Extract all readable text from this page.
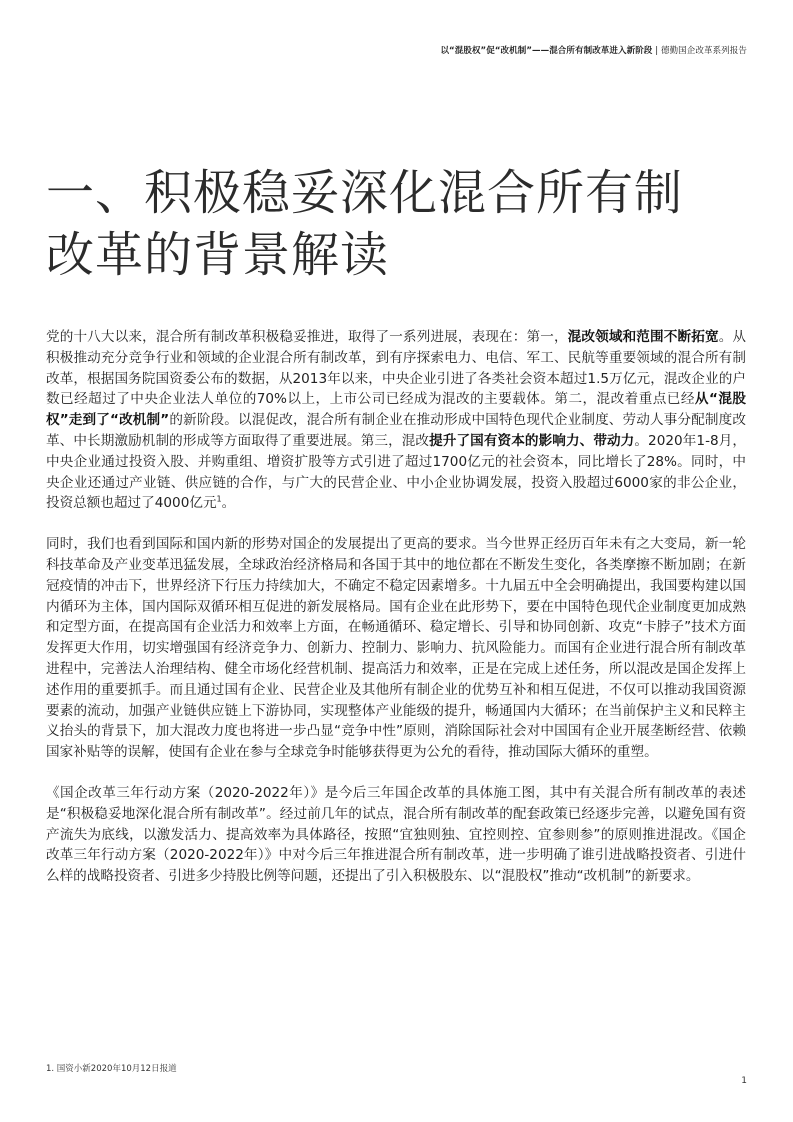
以“混股权”促“改机制”——混合所有制改革进入新阶段 | 德勤国企改革系列报告
一、积极稳妥深化混合所有制
改革的背景解读

党的十八大以来，混合所有制改革积极稳妥推进，取得了一系列进展，表现在：第一，混改领域和范围不断拓宽。从积极推动充分竞争行业和领域的企业混合所有制改革，到有序探索电力、电信、军工、民航等重要领域的混合所有制改革，根据国务院国资委公布的数据，从2013年以来，中央企业引进了各类社会资本超过1.5万亿元，混改企业的户数已经超过了中央企业法人单位的70%以上，上市公司已经成为混改的主要载体。第二，混改着重点已经从“混股权”走到了“改机制”的新阶段。以混促改，混合所有制企业在推动形成中国特色现代企业制度、劳动人事分配制度改革、中长期激励机制的形成等方面取得了重要进展。第三，混改提升了国有资本的影响力、带动力。2020年1-8月，中央企业通过投资入股、并购重组、增资扩股等方式引进了超过1700亿元的社会资本，同比增长了28%。同时，中央企业还通过产业链、供应链的合作，与广大的民营企业、中小企业协调发展，投资入股超过6000家的非公企业，投资总额也超过了4000亿元$^1$。

同时，我们也看到国际和国内新的形势对国企的发展提出了更高的要求。当今世界正经历百年未有之大变局，新一轮科技革命及产业变革迅猛发展，全球政治经济格局和各国于其中的地位都在不断发生变化，各类摩擦不断加剧；在新冠疫情的冲击下，世界经济下行压力持续加大，不确定不稳定因素增多。十九届五中全会明确提出，我国要构建以国内循环为主体，国内国际双循环相互促进的新发展格局。国有企业在此形势下，要在中国特色现代企业制度更加成熟和定型方面，在提高国有企业活力和效率上方面，在畅通循环、稳定增长、引导和协同创新、攻克“卡脖子”技术方面发挥更大作用，切实增强国有经济竞争力、创新力、控制力、影响力、抗风险能力。而国有企业进行混合所有制改革进程中，完善法人治理结构、健全市场化经营机制、提高活力和效率，正是在完成上述任务，所以混改是国企发挥上述作用的重要抓手。而且通过国有企业、民营企业及其他所有制企业的优势互补和相互促进，不仅可以推动我国资源要素的流动，加强产业链供应链上下游协同，实现整体产业能级的提升，畅通国内大循环；在当前保护主义和民粹主义抬头的背景下，加大混改力度也将进一步凸显“竞争中性”原则，消除国际社会对中国国有企业开展垄断经营、依赖国家补贴等的误解，使国有企业在参与全球竞争时能够获得更为公允的看待，推动国际大循环的重塑。

《国企改革三年行动方案（2020-2022年）》是今后三年国企改革的具体施工图，其中有关混合所有制改革的表述是“积极稳妥地深化混合所有制改革”。经过前几年的试点，混合所有制改革的配套政策已经逐步完善，以避免国有资产流失为底线，以激发活力、提高效率为具体路径，按照“宜独则独、宜控则控、宜参则参”的原则推进混改。《国企改革三年行动方案（2020-2022年）》中对今后三年推进混合所有制改革，进一步明确了谁引进战略投资者、引进什么样的战略投资者、引进多少持股比例等问题，还提出了引入积极股东、以“混股权”推动“改机制”的新要求。

1. 国资小新2020年10月12日报道
1
